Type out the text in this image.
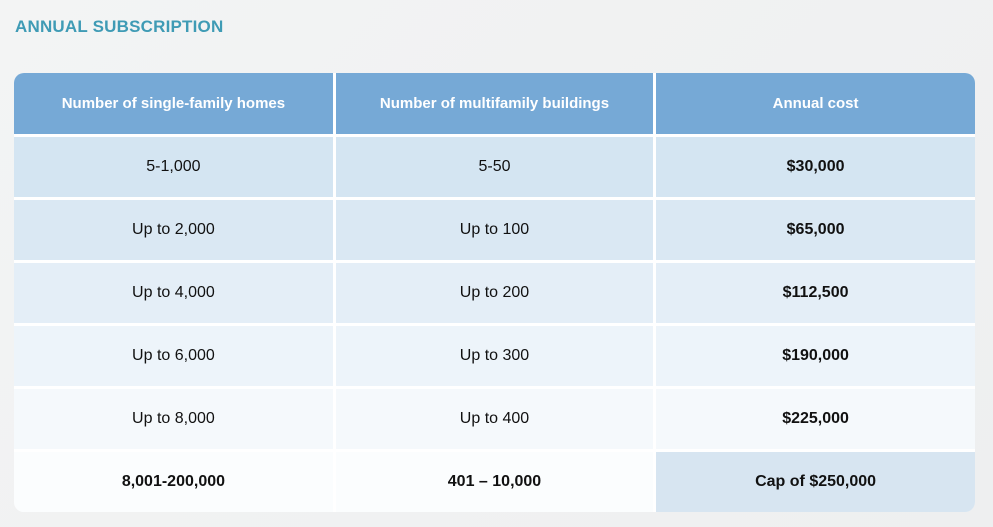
ANNUAL SUBSCRIPTION
Number of single-family homes	Number of multifamily buildings	Annual cost
5-1,000	5-50	$30,000
Up to 2,000	Up to 100	$65,000
Up to 4,000	Up to 200	$112,500
Up to 6,000	Up to 300	$190,000
Up to 8,000	Up to 400	$225,000
8,001-200,000	401 – 10,000	Cap of $250,000
